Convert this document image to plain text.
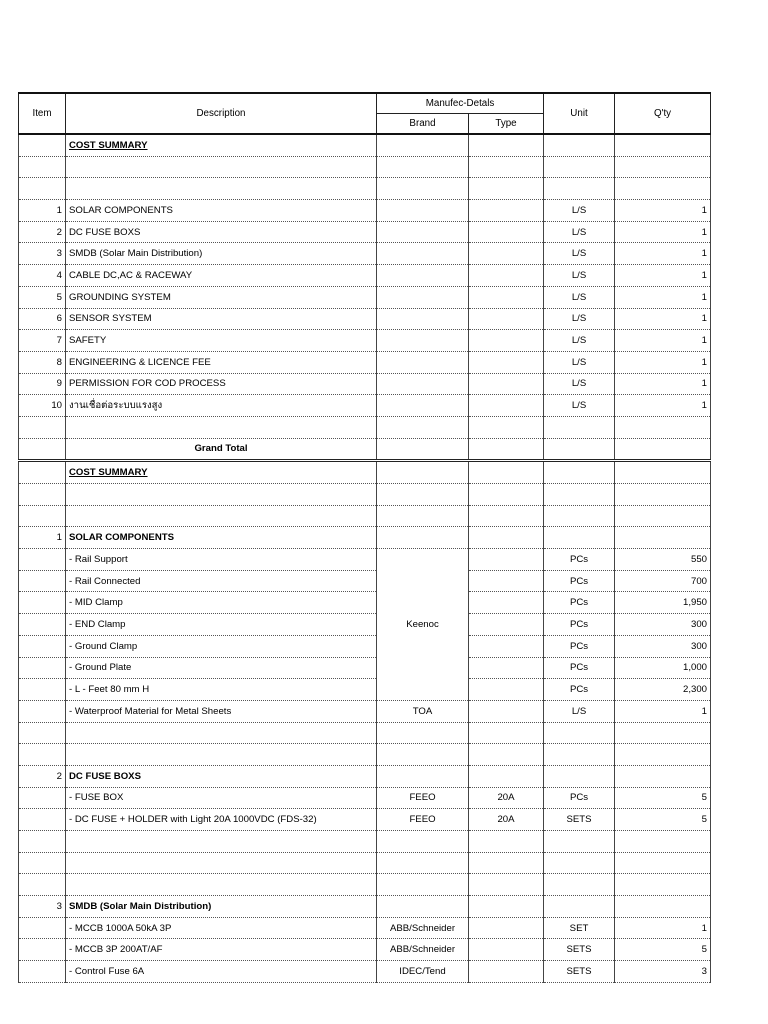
Item	Description	Manufec-Detals		Unit	Q'ty
		Brand	Type		
	COST SUMMARY				

1	SOLAR COMPONENTS			L/S	1
2	DC FUSE BOXS			L/S	1
3	SMDB (Solar Main Distribution)			L/S	1
4	CABLE DC,AC & RACEWAY			L/S	1
5	GROUNDING SYSTEM			L/S	1
6	SENSOR SYSTEM			L/S	1
7	SAFETY			L/S	1
8	ENGINEERING & LICENCE FEE			L/S	1
9	PERMISSION FOR COD PROCESS			L/S	1
10	งานเชื่อต่อระบบแรงสูง			L/S	1

	Grand Total				
	COST SUMMARY				

1	SOLAR COMPONENTS				
	- Rail Support	Keenoc		PCs	550
	- Rail Connected			PCs	700
	- MID Clamp			PCs	1,950
	- END Clamp			PCs	300
	- Ground Clamp			PCs	300
	- Ground Plate			PCs	1,000
	- L - Feet 80 mm H			PCs	2,300
	- Waterproof Material for Metal Sheets	TOA		L/S	1

2	DC FUSE BOXS				
	- FUSE BOX	FEEO	20A	PCs	5
	- DC FUSE + HOLDER with Light 20A 1000VDC (FDS-32)	FEEO	20A	SETS	5

3	SMDB (Solar Main Distribution)				
	- MCCB 1000A 50kA 3P	ABB/Schneider		SET	1
	- MCCB 3P 200AT/AF	ABB/Schneider		SETS	5
	- Control Fuse 6A	IDEC/Tend		SETS	3
